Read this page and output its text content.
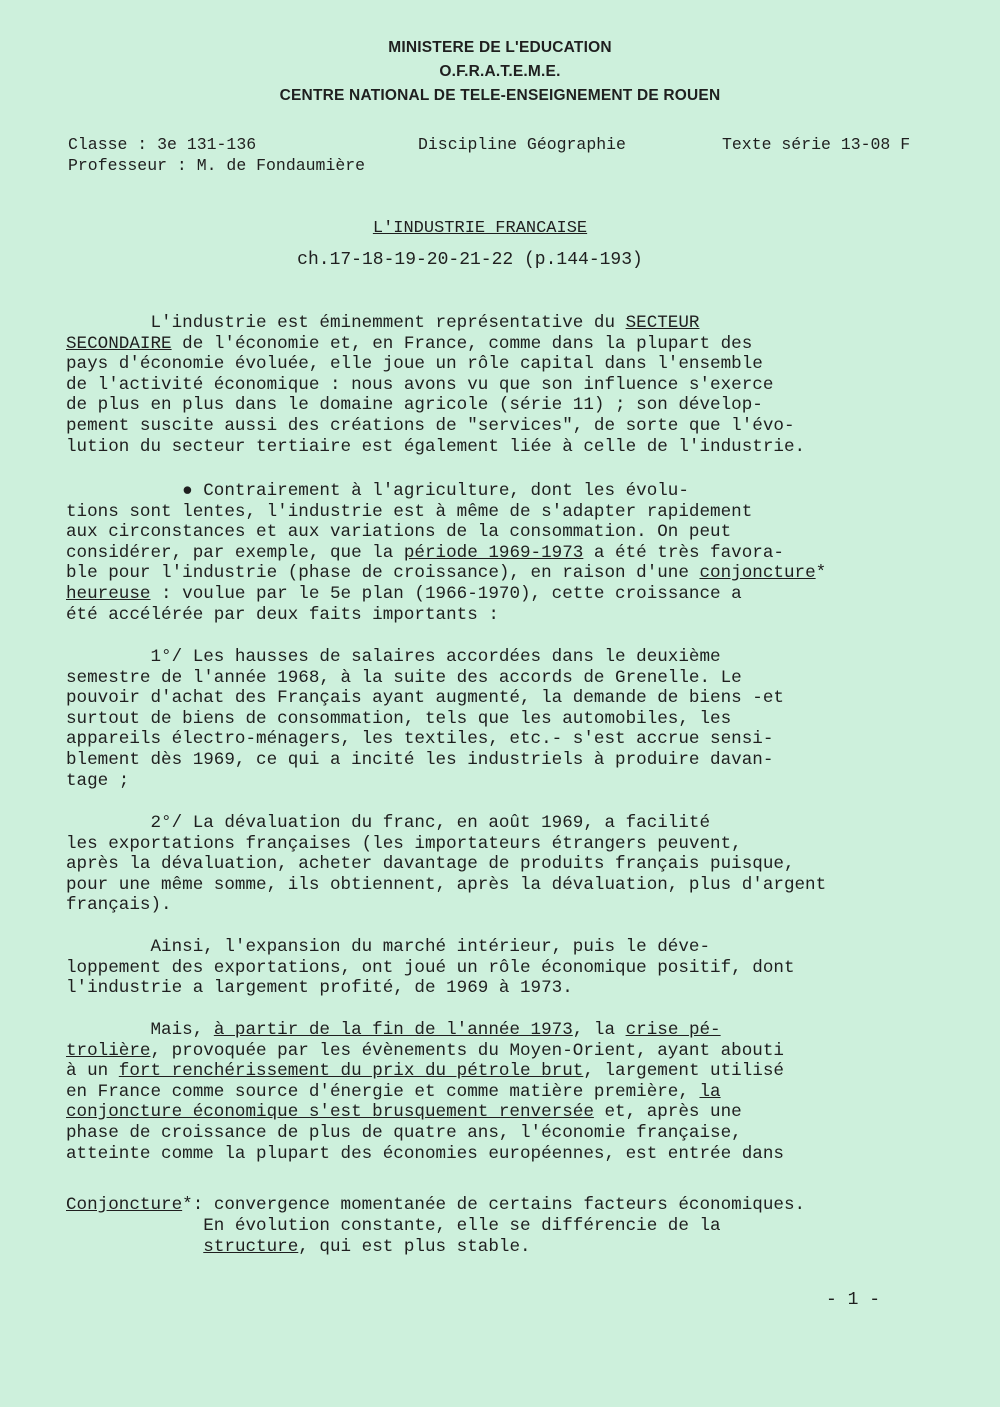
MINISTERE DE L'EDUCATION
O.F.R.A.T.E.M.E.
CENTRE NATIONAL DE TELE-ENSEIGNEMENT DE ROUEN
Classe : 3e 131-136	Discipline Géographie	Texte série 13-08 F
Professeur : M. de Fondaumière
L'INDUSTRIE FRANCAISE
ch.17-18-19-20-21-22 (p.144-193)
L'industrie est éminemment représentative du SECTEUR
SECONDAIRE de l'économie et, en France, comme dans la plupart des
pays d'économie évoluée, elle joue un rôle capital dans l'ensemble
de l'activité économique : nous avons vu que son influence s'exerce
de plus en plus dans le domaine agricole (série 11) ; son dévelop-
pement suscite aussi des créations de "services", de sorte que l'évo-
lution du secteur tertiaire est également liée à celle de l'industrie.
● Contrairement à l'agriculture, dont les évolu-
tions sont lentes, l'industrie est à même de s'adapter rapidement
aux circonstances et aux variations de la consommation. On peut
considérer, par exemple, que la période 1969-1973 a été très favora-
ble pour l'industrie (phase de croissance), en raison d'une conjoncture*
heureuse : voulue par le 5e plan (1966-1970), cette croissance a
été accélérée par deux faits importants :
1°/ Les hausses de salaires accordées dans le deuxième
semestre de l'année 1968, à la suite des accords de Grenelle. Le
pouvoir d'achat des Français ayant augmenté, la demande de biens -et
surtout de biens de consommation, tels que les automobiles, les
appareils électro-ménagers, les textiles, etc.- s'est accrue sensi-
blement dès 1969, ce qui a incité les industriels à produire davan-
tage ;
2°/ La dévaluation du franc, en août 1969, a facilité
les exportations françaises (les importateurs étrangers peuvent,
après la dévaluation, acheter davantage de produits français puisque,
pour une même somme, ils obtiennent, après la dévaluation, plus d'argent
français).
Ainsi, l'expansion du marché intérieur, puis le déve-
loppement des exportations, ont joué un rôle économique positif, dont
l'industrie a largement profité, de 1969 à 1973.
Mais, à partir de la fin de l'année 1973, la crise pé-
trolière, provoquée par les évènements du Moyen-Orient, ayant abouti
à un fort renchérissement du prix du pétrole brut, largement utilisé
en France comme source d'énergie et comme matière première, la
conjoncture économique s'est brusquement renversée et, après une
phase de croissance de plus de quatre ans, l'économie française,
atteinte comme la plupart des économies européennes, est entrée dans
Conjoncture*: convergence momentanée de certains facteurs économiques.
En évolution constante, elle se différencie de la
structure, qui est plus stable.
- 1 -
